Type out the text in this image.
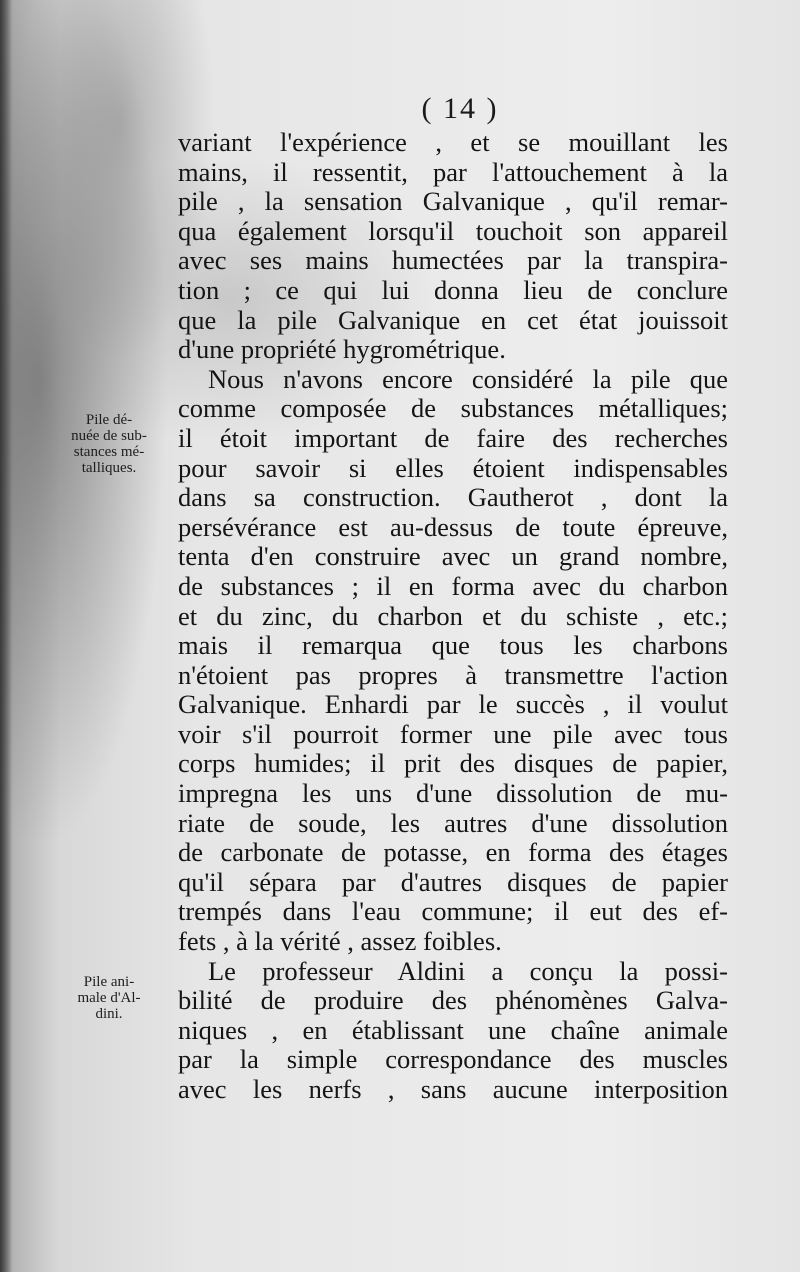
( 14 )
Pile dé-
nuée de sub-
stances mé-
talliques.
Pile ani-
male d'Al-
dini.
variant l'expérience , et se mouillant les
mains, il ressentit, par l'attouchement à la
pile , la sensation Galvanique , qu'il remar-
qua également lorsqu'il touchoit son appareil
avec ses mains humectées par la transpira-
tion ; ce qui lui donna lieu de conclure
que la pile Galvanique en cet état jouissoit
d'une propriété hygrométrique.
Nous n'avons encore considéré la pile que
comme composée de substances métalliques;
il étoit important de faire des recherches
pour savoir si elles étoient indispensables
dans sa construction. Gautherot , dont la
persévérance est au-dessus de toute épreuve,
tenta d'en construire avec un grand nombre,
de substances ; il en forma avec du charbon
et du zinc, du charbon et du schiste , etc.;
mais il remarqua que tous les charbons
n'étoient pas propres à transmettre l'action
Galvanique. Enhardi par le succès , il voulut
voir s'il pourroit former une pile avec tous
corps humides; il prit des disques de papier,
impregna les uns d'une dissolution de mu-
riate de soude, les autres d'une dissolution
de carbonate de potasse, en forma des étages
qu'il sépara par d'autres disques de papier
trempés dans l'eau commune; il eut des ef-
fets , à la vérité , assez foibles.
Le professeur Aldini a conçu la possi-
bilité de produire des phénomènes Galva-
niques , en établissant une chaîne animale
par la simple correspondance des muscles
avec les nerfs , sans aucune interposition
